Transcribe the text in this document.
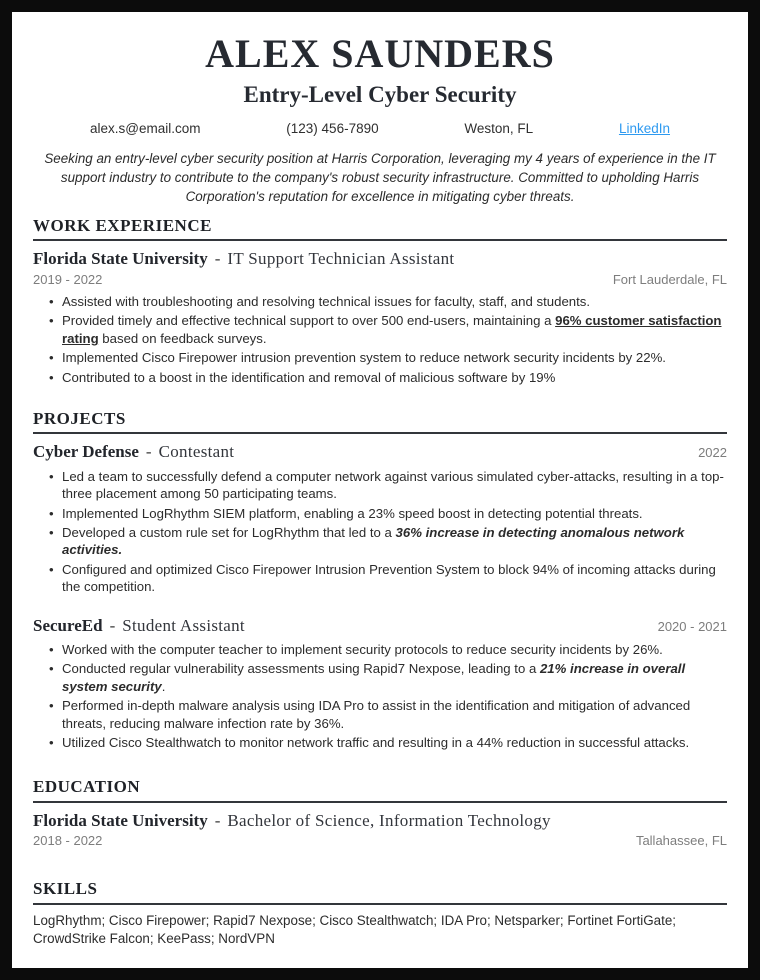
ALEX SAUNDERS
Entry-Level Cyber Security
alex.s@email.com	(123) 456-7890	Weston, FL	LinkedIn

Seeking an entry-level cyber security position at Harris Corporation, leveraging my 4 years of experience in the IT support industry to contribute to the company's robust security infrastructure. Committed to upholding Harris Corporation's reputation for excellence in mitigating cyber threats.

WORK EXPERIENCE
Florida State University - IT Support Technician Assistant
2019 - 2022	Fort Lauderdale, FL
• Assisted with troubleshooting and resolving technical issues for faculty, staff, and students.
• Provided timely and effective technical support to over 500 end-users, maintaining a 96% customer satisfaction rating based on feedback surveys.
• Implemented Cisco Firepower intrusion prevention system to reduce network security incidents by 22%.
• Contributed to a boost in the identification and removal of malicious software by 19%
PROJECTS
Cyber Defense - Contestant	2022
• Led a team to successfully defend a computer network against various simulated cyber-attacks, resulting in a top-three placement among 50 participating teams.
• Implemented LogRhythm SIEM platform, enabling a 23% speed boost in detecting potential threats.
• Developed a custom rule set for LogRhythm that led to a 36% increase in detecting anomalous network activities.
• Configured and optimized Cisco Firepower Intrusion Prevention System to block 94% of incoming attacks during the competition.
SecureEd - Student Assistant	2020 - 2021
• Worked with the computer teacher to implement security protocols to reduce security incidents by 26%.
• Conducted regular vulnerability assessments using Rapid7 Nexpose, leading to a 21% increase in overall system security.
• Performed in-depth malware analysis using IDA Pro to assist in the identification and mitigation of advanced threats, reducing malware infection rate by 36%.
• Utilized Cisco Stealthwatch to monitor network traffic and resulting in a 44% reduction in successful attacks.
EDUCATION
Florida State University - Bachelor of Science, Information Technology
2018 - 2022	Tallahassee, FL
SKILLS

LogRhythm; Cisco Firepower; Rapid7 Nexpose; Cisco Stealthwatch; IDA Pro; Netsparker; Fortinet FortiGate; CrowdStrike Falcon; KeePass; NordVPN
